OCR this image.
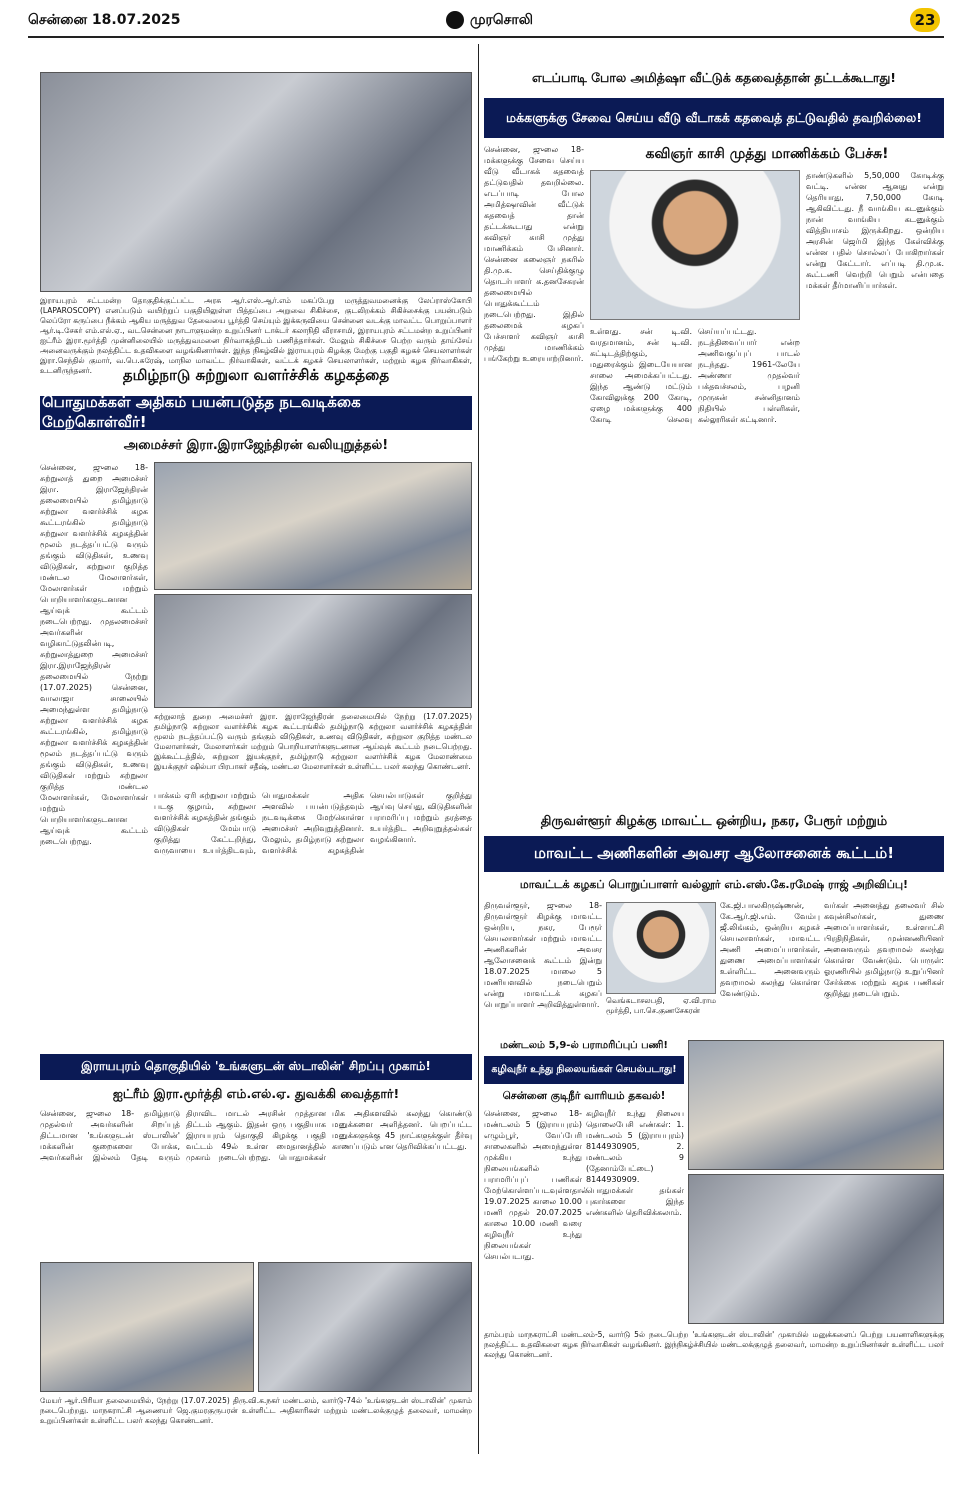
சென்னை 18.07.2025	முரசொலி	23
இராயபுரம் சட்டமன்ற தொகுதிக்குட்பட்ட அரசு ஆர்.எஸ்.ஆர்.எம் மகப்பேறு மருத்துவமனைக்கு லேப்ராஸ்கோபி (LAPAROSCOPY) எனப்படும் வயிற்றுப் பகுதியிலுள்ள பித்தப்பை அறுவை சிகிச்சை, குடலிறக்கம் சிகிச்சைக்கு பயன்படும் லெப்ரோ கருப்பை நீக்கம் ஆகிய மருத்துவ தேவையை பூர்த்தி செய்யும் இக்கருவியை சென்னை வடக்கு மாவட்ட பொறுப்பாளர் ஆர்.டி.சேகர் எம்.எல்.ஏ., வடசென்னை நாடாளுமன்ற உறுப்பினர் டாக்டர் கலாநிதி வீராசாமி, இராயபுரம் சட்டமன்ற உறுப்பினர் ஐட்ரீம் இரா.மூர்த்தி முன்னிலையில் மருத்துவமனை நிர்வாகத்திடம் பணித்தார்கள். மேலும் சிகிச்சை பெற்ற வரும் தாய்சேய் அனைவருக்கும் நலத்திட்ட உதவிகளை வழங்கினார்கள். இந்த நிகழ்வில் இராயபுரம் கிழக்கு மேற்கு பகுதி கழகச் செயலாளர்கள் இரா.செந்தில் குமார், வ.பெ.சுரேஷ், மாநில மாவட்ட நிர்வாகிகள், வட்டக் கழகச் செயலாளர்கள், மற்றும் கழக நிர்வாகிகள், உடனிருந்தனர்.	தமிழ்நாடு சுற்றுலா வளர்ச்சிக் கழகத்தை
பொதுமக்கள் அதிகம் பயன்படுத்த நடவடிக்கை மேற்கொள்வீர்!
அமைச்சர் இரா.இராஜேந்திரன் வலியுறுத்தல்!
சென்னை, ஜுலை 18- சுற்றுலாத் துறை அமைச்சர் இரா. இராஜேந்திரன் தலைமையில் தமிழ்நாடு சுற்றுலா வளர்ச்சிக் கழக கூட்டரங்கில் தமிழ்நாடு சுற்றுலா வளர்ச்சிக் கழகத்தின் மூலம் நடத்தப்பட்டு வரும் தங்கும் விடுதிகள், உணவு விடுதிகள், சுற்றுலா குறித்த மண்டல மேலாளர்கள், மேலாளர்கள் மற்றும் பொறியாளர்களுடனான ஆய்வுக் கூட்டம் நடைபெற்றது. முதலமைச்சர் அவர்களின் வழிகாட்டுதலின்படி, சுற்றுலாத்துறை அமைச்சர் இரா.இராஜேந்திரன் தலைமையில் நேற்று (17.07.2025) சென்னை, வாலாஜா சாலையில் அமைந்துள்ள தமிழ்நாடு சுற்றுலா வளர்ச்சிக் கழக கூட்டரங்கில், தமிழ்நாடு சுற்றுலா வளர்ச்சிக் கழகத்தின் மூலம் நடத்தப்பட்டு வரும் தங்கும் விடுதிகள், உணவு விடுதிகள் மற்றும் சுற்றுலா குறித்த மண்டல மேலாளர்கள், மேலாளர்கள் மற்றும் பொறியாளர்களுடனான ஆய்வுக் கூட்டம் நடைபெற்றது.
சுற்றுலாத் துறை அமைச்சர் இரா. இராஜேந்திரன் தலைமையில் நேற்று (17.07.2025) தமிழ்நாடு சுற்றுலா வளர்ச்சிக் கழக கூட்டரங்கில் தமிழ்நாடு சுற்றுலா வளர்ச்சிக் கழகத்தின் மூலம் நடத்தப்பட்டு வரும் தங்கும் விடுதிகள், உணவு விடுதிகள், சுற்றுலா குறித்த மண்டல மேலாளர்கள், மேலாளர்கள் மற்றும் பொறியாளர்களுடனான ஆய்வுக் கூட்டம் நடைபெற்றது. இக்கூட்டத்தில், சுற்றுலா இயக்குநர், தமிழ்நாடு சுற்றுலா வளர்ச்சிக் கழக மேலாண்மை இயக்குநர் ஷில்பா பிரபாகர் சதீஷ், மண்டல மேலாளர்கள் உள்ளிட்ட பலர் கலந்து கொண்டனர்.
பாக்கம் ஏரி சுற்றுலா மற்றும் படகு குழாம், சுற்றுலா வளர்ச்சிக் கழகத்தின் தங்கும் விடுதிகள் மேம்பாடு குறித்து கேட்டறிந்து, வருவாயை உயர்த்திடவும், பொதுமக்கள் அதிக அளவில் பயன்படுத்தவும் நடவடிக்கை மேற்கொள்ள அமைச்சர் அறிவுறுத்தினார். மேலும், தமிழ்நாடு சுற்றுலா வளர்ச்சிக் கழகத்தின் செயல்பாடுகள் குறித்து ஆய்வு செய்து, விடுதிகளின் பராமரிப்பு மற்றும் தரத்தை உயர்த்திட அறிவுறுத்தல்கள் வழங்கினார்.
இராயபுரம் தொகுதியில் 'உங்களுடன் ஸ்டாலின்' சிறப்பு முகாம்!
ஐட்ரீம் இரா.மூர்த்தி எம்.எல்.ஏ. துவக்கி வைத்தார்!
சென்னை, ஜுலை 18- தமிழ்நாடு முதல்வர் அவர்களின் சிறப்புத் திட்டமான 'உங்களுடன் ஸ்டாலின்' மக்களின் குறைகளை போக்க, அவர்களின் இல்லம் தேடி வரும் திராவிட மாடல் அரசின் முத்தான திட்டம் ஆகும். இதன் ஒரு பகுதியாக இராயபுரம் தொகுதி கிழக்கு பகுதி வட்டம் 49ல் உள்ள மைதானத்தில் முகாம் நடைபெற்றது. பொதுமக்கள் மிக அதிகளவில் கலந்து கொண்டு மனுக்களை அளித்தனர். பெறப்பட்ட மனுக்களுக்கு 45 நாட்களுக்குள் தீர்வு காணப்படும் என தெரிவிக்கப்பட்டது.
மேயர் ஆர்.பிரியா தலைமையில், நேற்று (17.07.2025) திரு.வி.க.நகர் மண்டலம், வார்டு-74ல் 'உங்களுடன் ஸ்டாலின்' முகாம் நடைபெற்றது. மாநகராட்சி ஆணையர் ஜெ.குமரகுருபரன் உள்ளிட்ட அதிகாரிகள் மற்றும் மண்டலக்குழுத் தலைவர், மாமன்ற உறுப்பினர்கள் உள்ளிட்ட பலர் கலந்து கொண்டனர்.
எடப்பாடி போல அமித்ஷா வீட்டுக் கதவைத்தான் தட்டக்கூடாது!
மக்களுக்கு சேவை செய்ய வீடு வீடாகக் கதவைத் தட்டுவதில் தவறில்லை!
கவிஞர் காசி முத்து மாணிக்கம் பேச்சு!
சென்னை, ஜுலை 18- மக்களுக்கு சேவை செய்ய வீடு வீடாகக் கதவைத் தட்டுவதில் தவறில்லை. எடப்பாடி போல அமித்ஷாவின் வீட்டுக் கதவைத் தான் தட்டக்கூடாது என்று கவிஞர் காசி முத்து மாணிக்கம் பேசினார். சென்னை கலைஞர் நகரில் தி.மு.க. செய்திக்குழு தொடர்பாளர் க.தனசேகரன் தலைமையில் பொதுக்கூட்டம் நடைபெற்றது. இதில் தலைமைக் கழகப் பேச்சாளர் கவிஞர் காசி முத்து மாணிக்கம் பங்கேற்று உரையாற்றினார்.
உள்ளது. சன் டி.வி. வரதமானம், சன் டி.வி. கட்டிடத்திற்கும், மதுரைக்கும் இடையேயான சாலை அமைக்கப்பட்டது. இந்த ஆண்டு மட்டும் கோவிலுக்கு 200 கோடி, ஏழை மக்களுக்கு 400 கோடி செலவு செய்யப்பட்டது. நடத்திவைப்பார் என்ற அணிவகுப்புப் பாடல் நடந்தது. 1961-லேயே அண்ணா முதல்வர் பக்தவச்சலம், பழனி முருகன் சன்னிதானம் நிதியில் பள்ளிகள், கல்லூரிகள் கட்டினார்.
தாண்டுகளில் 5,50,000 கோடிக்கு வட்டி. என்ன ஆனது என்று தெரியாது, 7,50,000 கோடி ஆகிவிட்டது. நீ வாங்கிய கடனுக்கும் நான் வாங்கிய கடனுக்கும் வித்தியாசம் இருக்கிறது. ஒன்றிய அரசின் ஜெர்மி இந்த கேள்விக்கு என்ன பதில் சொல்லப் போகிறார்கள் என்று கேட்டார். எப்படி தி.மு.க. கூட்டணி வெற்றி பெறும் என்பதை மக்கள் தீர்மானிப்பார்கள்.
திருவள்ளூர் கிழக்கு மாவட்ட ஒன்றிய, நகர, பேரூர் மற்றும்
மாவட்ட அணிகளின் அவசர ஆலோசனைக் கூட்டம்!
மாவட்டக் கழகப் பொறுப்பாளர் வல்லூர் எம்.எஸ்.கே.ரமேஷ் ராஜ் அறிவிப்பு!
திருவள்ளூர், ஜுலை 18- திருவள்ளூர் கிழக்கு மாவட்ட ஒன்றிய, நகர, பேரூர் செயலாளர்கள் மற்றும் மாவட்ட அணிகளின் அவசர ஆலோசனைக் கூட்டம் இன்று 18.07.2025 மாலை 5 மணியளவில் நடைபெறும் என்று மாவட்டக் கழகப் பொறுப்பாளர் அறிவித்துள்ளார். வெங்கடாசலபதி, ஏ.வி.ராம மூர்த்தி, பா.செ.குணசேகரன்
கே.ஜி.பாலகிருஷ்ணன், கே.ஆர்.ஜி.எம். வேம்பு ஜீ.லிங்கம், ஒன்றிய கழகச் செயலாளர்கள், மாவட்ட அணி அமைப்பாளர்கள், துணை அமைப்பாளர்கள் உள்ளிட்ட அனைவரும் தவறாமல் கலந்து கொள்ள வேண்டும்.
வர்கள் அனைத்து தலைவர் சில் கவுன்சிலர்கள், துணை அமைப்பாளர்கள், உள்ளாட்சி பிரதிநிதிகள், முன்னணியினர் அனைவரும் தவறாமல் கலந்து கொள்ள வேண்டும். பொருள்: ஓரணியில் தமிழ்நாடு உறுப்பினர் சேர்க்கை மற்றும் கழக பணிகள் குறித்து நடைபெறும்.
மண்டலம் 5,9-ல் பராமரிப்புப் பணி!
கழிவுநீர் உந்து நிலையங்கள் செயல்படாது!
சென்னை குடிநீர் வாரியம் தகவல்!
சென்னை, ஜுலை 18- மண்டலம் 5 (இராயபுரம்) எழும்பூர், வேப்பேரி சாலைகளில் அமைந்துள்ள முக்கிய உந்து நிலையங்களில் பராமரிப்புப் பணிகள் மேற்கொள்ளப்படவுள்ளதால் 19.07.2025 காலை 10.00 மணி முதல் 20.07.2025 காலை 10.00 மணி வரை கழிவுநீர் உந்து நிலையங்கள் செயல்படாது.
கழிவுநீர் உந்து நிலைய தொலைபேசி எண்கள்: 1. மண்டலம் 5 (இராயபுரம்) 8144930905, 2. மண்டலம் 9 (தேனாம்பேட்டை) 8144930909. பொதுமக்கள் தங்கள் புகார்களை இந்த எண்களில் தெரிவிக்கலாம்.
தாம்பரம் மாநகராட்சி மண்டலம்-5, வார்டு 5ல் நடைபெற்ற 'உங்களுடன் ஸ்டாலின்' முகாமில் மனுக்களைப் பெற்று பயனாளிகளுக்கு நலத்திட்ட உதவிகளை கழக நிர்வாகிகள் வழங்கினர். இந்நிகழ்ச்சியில் மண்டலக்குழுத் தலைவர், மாமன்ற உறுப்பினர்கள் உள்ளிட்ட பலர் கலந்து கொண்டனர்.
